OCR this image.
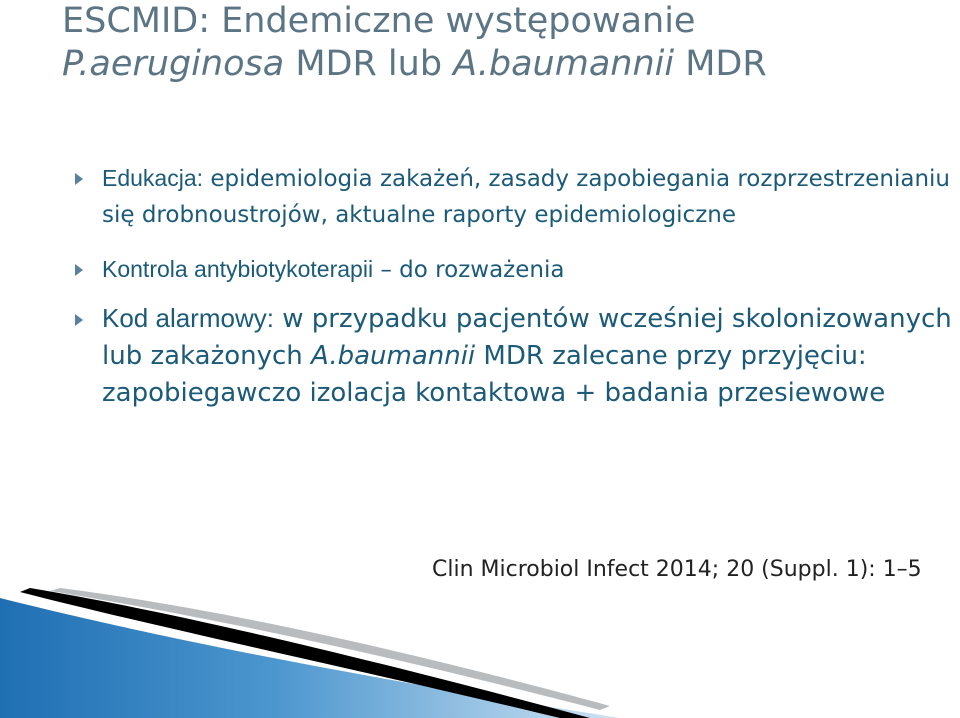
ESCMID: Endemiczne występowanie
P.aeruginosa MDR lub A.baumannii MDR
Edukacja: epidemiologia zakażeń, zasady zapobiegania rozprzestrzenianiu się drobnoustrojów, aktualne raporty epidemiologiczne
Kontrola antybiotykoterapii – do rozważenia
Kod alarmowy: w przypadku pacjentów wcześniej skolonizowanych lub zakażonych A.baumannii MDR zalecane przy przyjęciu: zapobiegawczo izolacja kontaktowa + badania przesiewowe
Clin Microbiol Infect 2014; 20 (Suppl. 1): 1–5
